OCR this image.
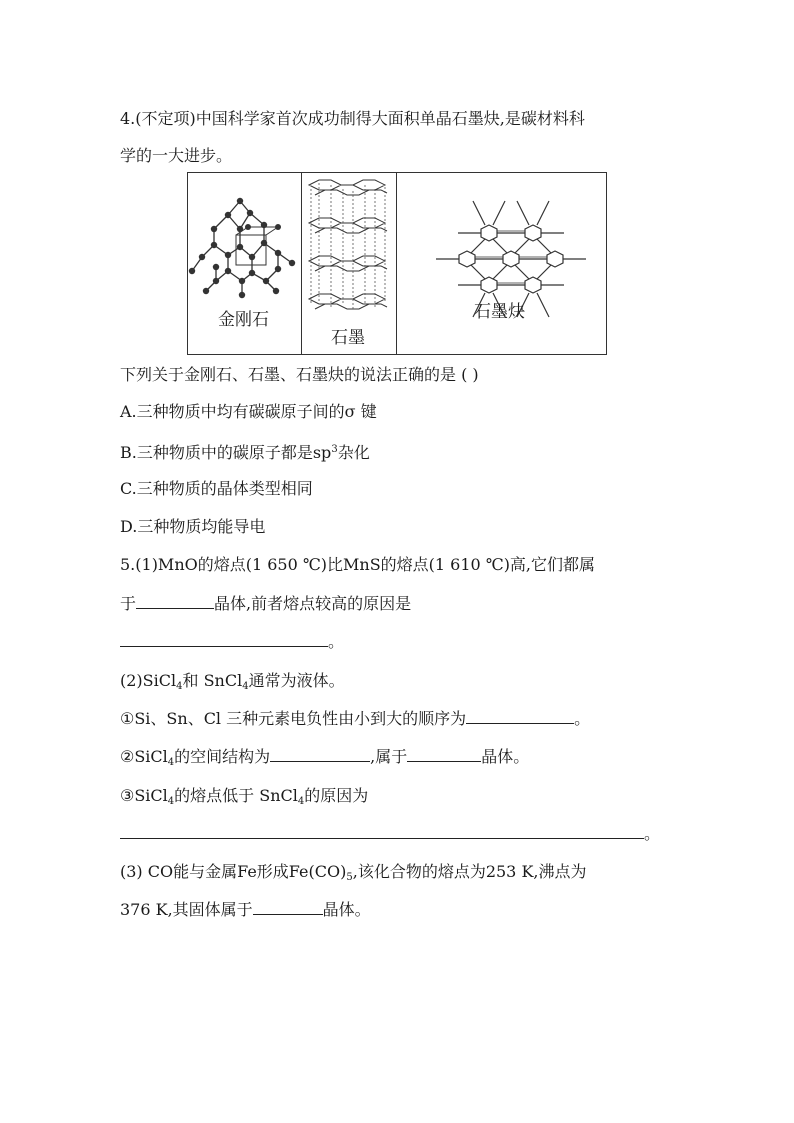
4.(不定项)中国科学家首次成功制得大面积单晶石墨炔,是碳材料科
学的一大进步。
金刚石
石墨
石墨炔
下列关于金刚石、石墨、石墨炔的说法正确的是 ( )
A.三种物质中均有碳碳原子间的σ 键
B.三种物质中的碳原子都是$sp^3$杂化
C.三种物质的晶体类型相同
D.三种物质均能导电
5.(1)MnO的熔点(1 650 ℃)比MnS的熔点(1 610 ℃)高,它们都属
于	晶体,前者熔点较高的原因是
。
(2)SiCl$_4$和 SnCl$_4$通常为液体。
①Si、Sn、Cl 三种元素电负性由小到大的顺序为	。
②SiCl$_4$的空间结构为	,属于	晶体。
③SiCl$_4$的熔点低于 SnCl$_4$的原因为
。
(3) CO能与金属Fe形成$Fe(CO)_5$,该化合物的熔点为253 K,沸点为
376 K,其固体属于	晶体。
